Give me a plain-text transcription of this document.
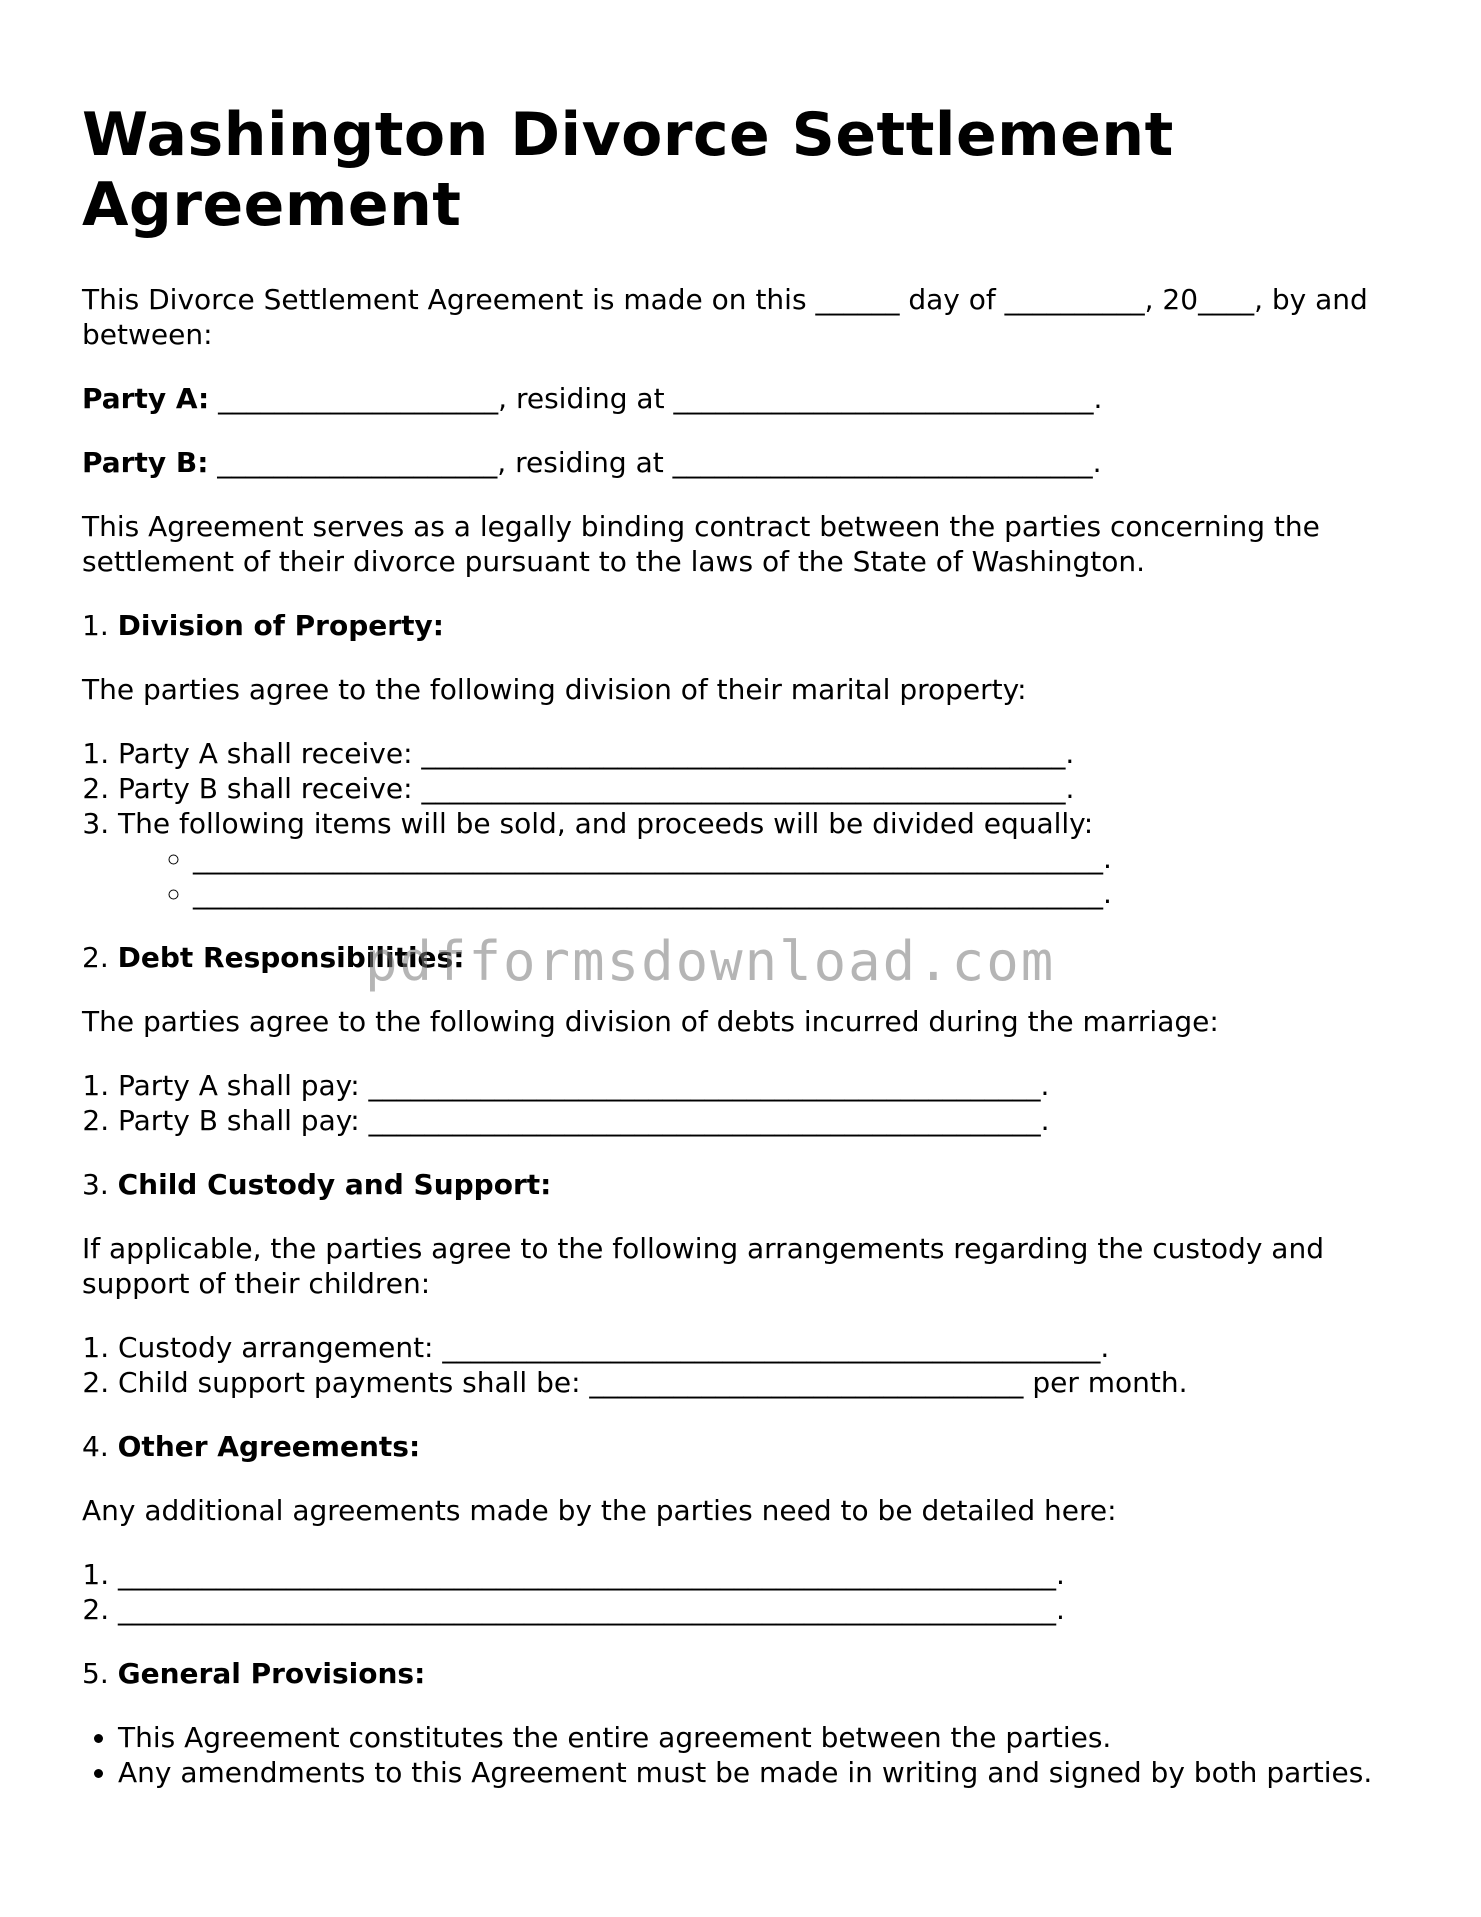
Washington Divorce Settlement Agreement

This Divorce Settlement Agreement is made on this ______ day of __________, 20____, by and between:

Party A: ____________________, residing at ______________________________.

Party B: ____________________, residing at ______________________________.

This Agreement serves as a legally binding contract between the parties concerning the settlement of their divorce pursuant to the laws of the State of Washington.

1. Division of Property:

The parties agree to the following division of their marital property:

1. Party A shall receive: ______________________________________________.
2. Party B shall receive: ______________________________________________.
3. The following items will be sold, and proceeds will be divided equally:
◦ _________________________________________________________________.
◦ _________________________________________________________________.

2. Debt Responsibilities:

The parties agree to the following division of debts incurred during the marriage:

1. Party A shall pay: ________________________________________________.
2. Party B shall pay: ________________________________________________.

3. Child Custody and Support:

If applicable, the parties agree to the following arrangements regarding the custody and support of their children:

1. Custody arrangement: _______________________________________________.
2. Child support payments shall be: _______________________________ per month.

4. Other Agreements:

Any additional agreements made by the parties need to be detailed here:

1. ___________________________________________________________________.
2. ___________________________________________________________________.

5. General Provisions:

• This Agreement constitutes the entire agreement between the parties.
• Any amendments to this Agreement must be made in writing and signed by both parties.
pdfformsdownload.com
